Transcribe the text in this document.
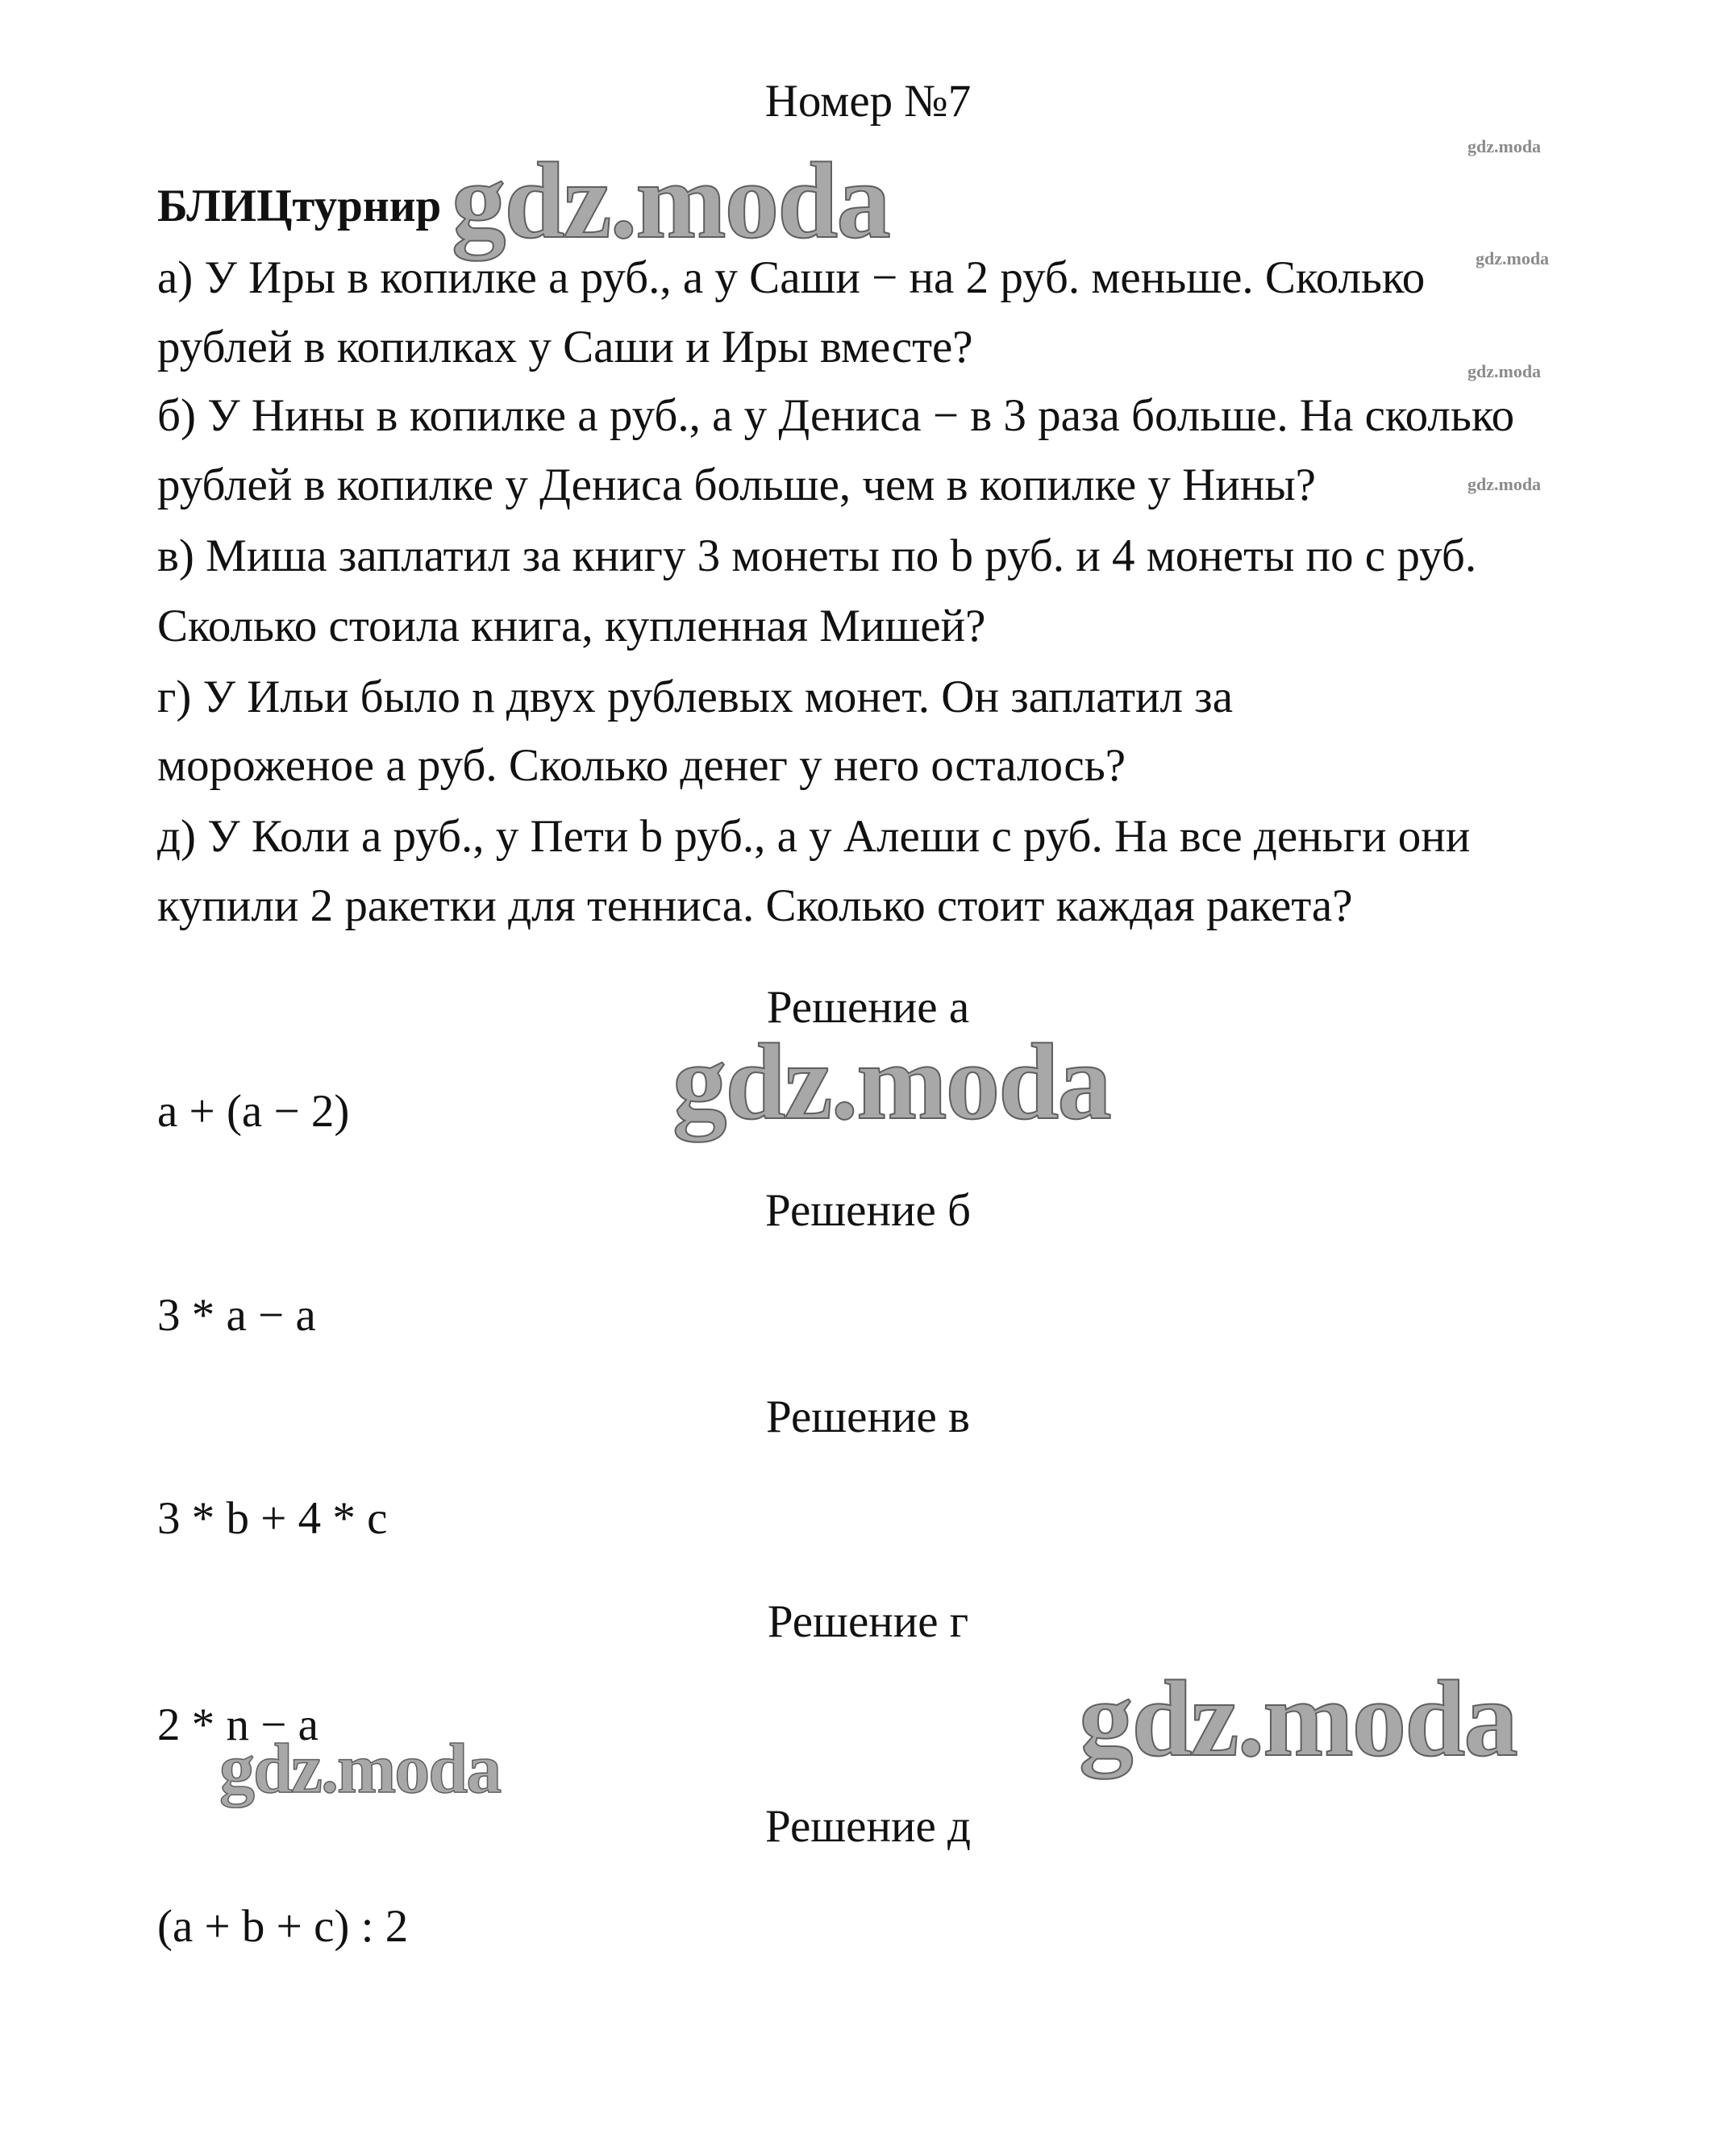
Номер №7
БЛИЦтурнир
а) У Иры в копилке а руб., а у Саши − на 2 руб. меньше. Сколько
рублей в копилках у Саши и Иры вместе?
б) У Нины в копилке а руб., а у Дениса − в 3 раза больше. На сколько
рублей в копилке у Дениса больше, чем в копилке у Нины?
в) Миша заплатил за книгу 3 монеты по b руб. и 4 монеты по с руб.
Сколько стоила книга, купленная Мишей?
г) У Ильи было n двух рублевых монет. Он заплатил за
мороженое а руб. Сколько денег у него осталось?
д) У Коли а руб., у Пети b руб., а у Алеши с руб. На все деньги они
купили 2 ракетки для тенниса. Сколько стоит каждая ракета?
Решение а
a + (a − 2)
Решение б
3 * a − a
Решение в
3 * b + 4 * c
Решение г
2 * n − a
Решение д
(a + b + c) : 2
gdz.moda
gdz.moda
gdz.moda
gdz.moda
gdz.moda
gdz.moda
gdz.moda
gdz.moda
